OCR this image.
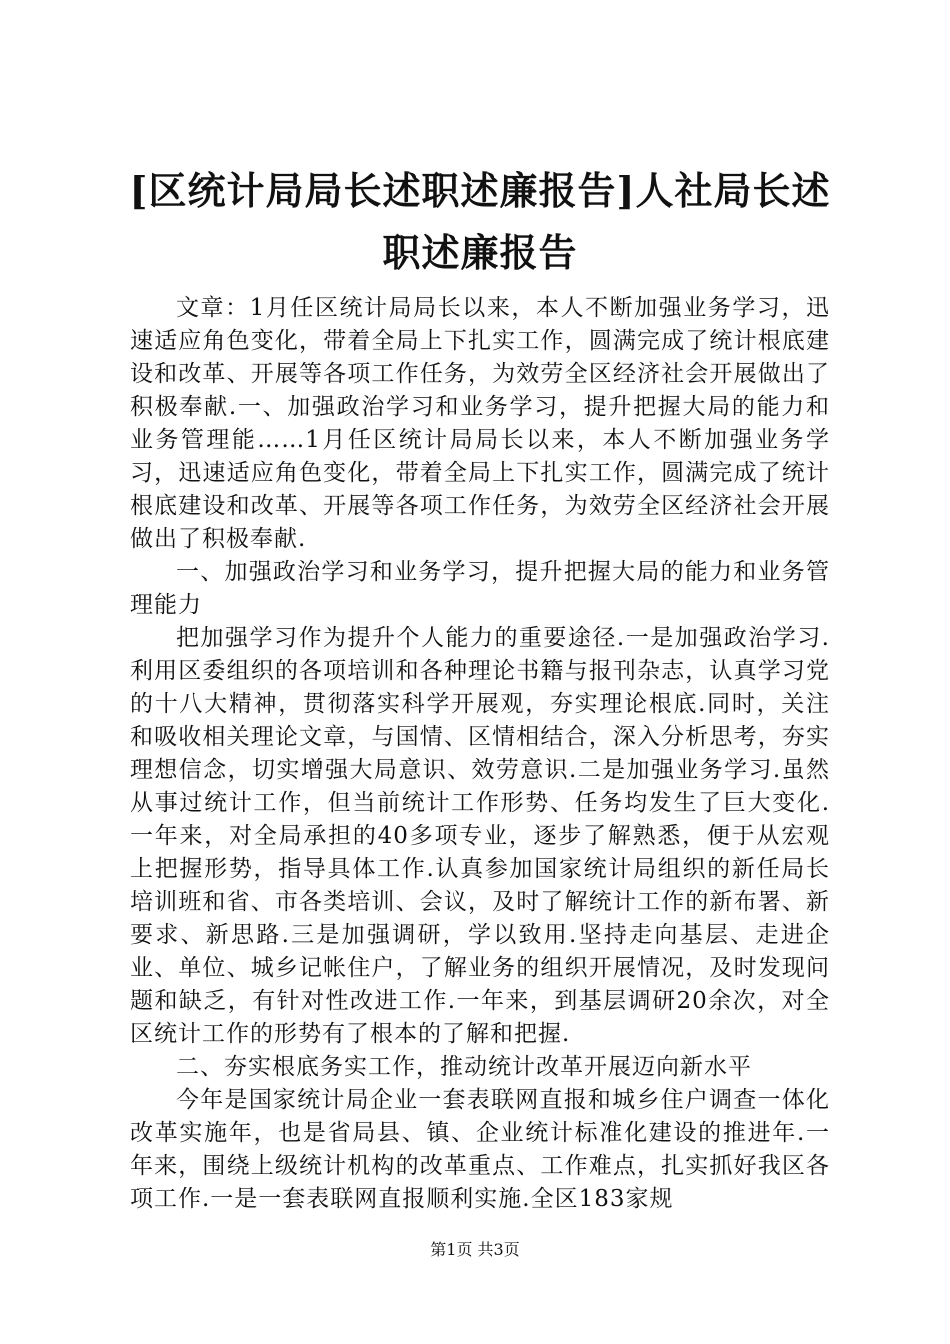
[区统计局局长述职述廉报告]人社局长述职述廉报告

文章：1月任区统计局局长以来，本人不断加强业务学习，迅速适应角色变化，带着全局上下扎实工作，圆满完成了统计根底建设和改革、开展等各项工作任务，为效劳全区经济社会开展做出了积极奉献.一、加强政治学习和业务学习，提升把握大局的能力和业务管理能……1月任区统计局局长以来，本人不断加强业务学习，迅速适应角色变化，带着全局上下扎实工作，圆满完成了统计根底建设和改革、开展等各项工作任务，为效劳全区经济社会开展做出了积极奉献.

一、加强政治学习和业务学习，提升把握大局的能力和业务管理能力

把加强学习作为提升个人能力的重要途径.一是加强政治学习.利用区委组织的各项培训和各种理论书籍与报刊杂志，认真学习党的十八大精神，贯彻落实科学开展观，夯实理论根底.同时，关注和吸收相关理论文章，与国情、区情相结合，深入分析思考，夯实理想信念，切实增强大局意识、效劳意识.二是加强业务学习.虽然从事过统计工作，但当前统计工作形势、任务均发生了巨大变化.一年来，对全局承担的40多项专业，逐步了解熟悉，便于从宏观上把握形势，指导具体工作.认真参加国家统计局组织的新任局长培训班和省、市各类培训、会议，及时了解统计工作的新布署、新要求、新思路.三是加强调研，学以致用.坚持走向基层、走进企业、单位、城乡记帐住户，了解业务的组织开展情况，及时发现问题和缺乏，有针对性改进工作.一年来，到基层调研20余次，对全区统计工作的形势有了根本的了解和把握.

二、夯实根底务实工作，推动统计改革开展迈向新水平

今年是国家统计局企业一套表联网直报和城乡住户调查一体化改革实施年，也是省局县、镇、企业统计标准化建设的推进年.一年来，围绕上级统计机构的改革重点、工作难点，扎实抓好我区各项工作.一是一套表联网直报顺利实施.全区183家规

第1页 共3页
